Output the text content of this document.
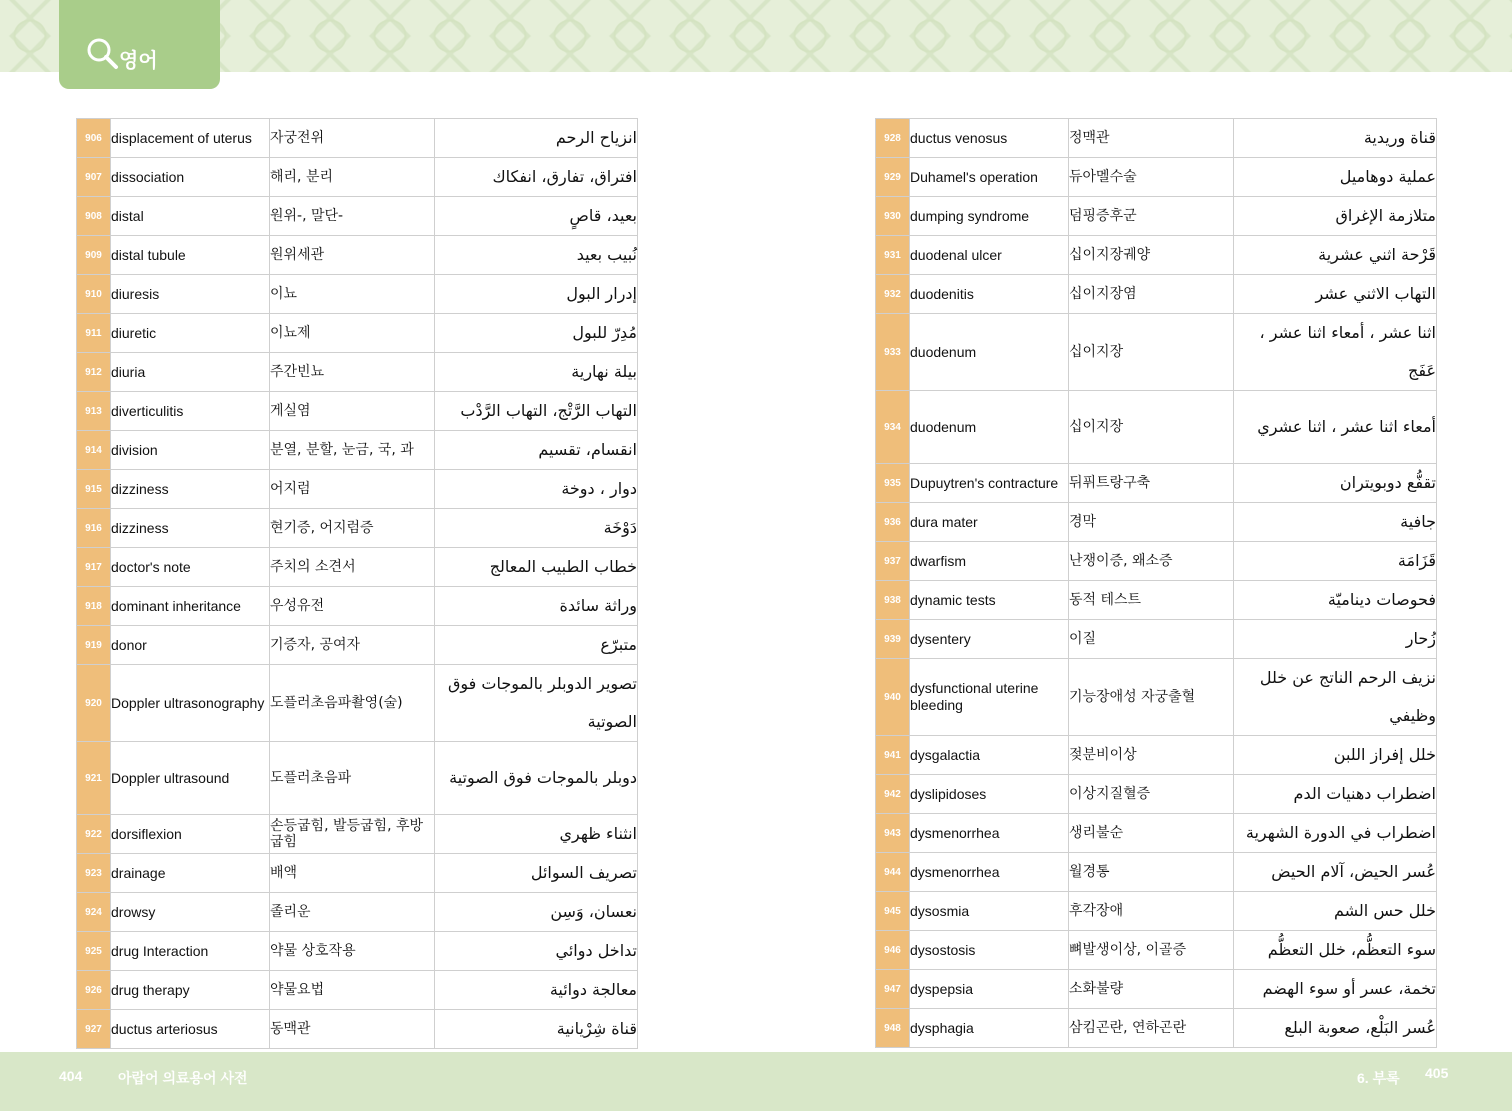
영어
906	displacement of uterus	자궁전위	انزياح الرحم
907	dissociation	해리, 분리	افتراق، تفارق، انفكاك
908	distal	원위-, 말단-	بعيد، قاصٍ
909	distal tubule	원위세관	نُبيب بعيد
910	diuresis	이뇨	إدرار البول
911	diuretic	이뇨제	مُدِرّ للبول
912	diuria	주간빈뇨	بيلة نهارية
913	diverticulitis	게실염	التهاب الرَّتْج، التهاب الرَّدْب
914	division	분열, 분할, 눈금, 국, 과	انقسام، تقسيم
915	dizziness	어지럼	دوار ، دوخة
916	dizziness	현기증, 어지럼증	دَوْخَة
917	doctor's note	주치의 소견서	خطاب الطبيب المعالج
918	dominant inheritance	우성유전	وراثة سائدة
919	donor	기증자, 공여자	متبرّع
920	Doppler ultrasonography	도플러초음파촬영(술)	تصوير الدوبلر بالموجات فوق الصوتية
921	Doppler ultrasound	도플러초음파	دوبلر بالموجات فوق الصوتية
922	dorsiflexion	손등굽힘, 발등굽힘, 후방굽힘	انثناء ظهري
923	drainage	배액	تصريف السوائل
924	drowsy	졸리운	نعسان، وَسِن
925	drug Interaction	약물 상호작용	تداخل دوائي
926	drug therapy	약물요법	معالجة دوائية
927	ductus arteriosus	동맥관	قناة شِرْيانية
928	ductus venosus	정맥관	قناة وريدية
929	Duhamel's operation	듀아멜수술	عملية دوهاميل
930	dumping syndrome	덤핑증후군	متلازمة الإغراق
931	duodenal ulcer	십이지장궤양	قَرْحة اثني عشرية
932	duodenitis	십이지장염	التهاب الاثني عشر
933	duodenum	십이지장	اثنا عشر ، أمعاء اثنا عشر ، عَفَج
934	duodenum	십이지장	أمعاء اثنا عشر ، اثنا عشري
935	Dupuytren's contracture	뒤퓌트랑구축	تقفُّع دوبويتران
936	dura mater	경막	جافية
937	dwarfism	난쟁이증, 왜소증	قَزَامَة
938	dynamic tests	동적 테스트	فحوصات ديناميّة
939	dysentery	이질	زُحار
940	dysfunctional uterine bleeding	기능장애성 자궁출혈	نزيف الرحم الناتج عن خلل وظيفي
941	dysgalactia	젖분비이상	خلل إفراز اللبن
942	dyslipidoses	이상지질혈증	اضطراب دهنيات الدم
943	dysmenorrhea	생리불순	اضطراب في الدورة الشهرية
944	dysmenorrhea	월경통	عُسر الحيض، آلام الحيض
945	dysosmia	후각장애	خلل حس الشم
946	dysostosis	뼈발생이상, 이골증	سوء التعظُّم، خلل التعظُّم
947	dyspepsia	소화불량	تخمة، عسر أو سوء الهضم
948	dysphagia	삼킴곤란, 연하곤란	عُسر البَلْع، صعوبة البلع
404	아랍어 의료용어 사전	6. 부록 405
